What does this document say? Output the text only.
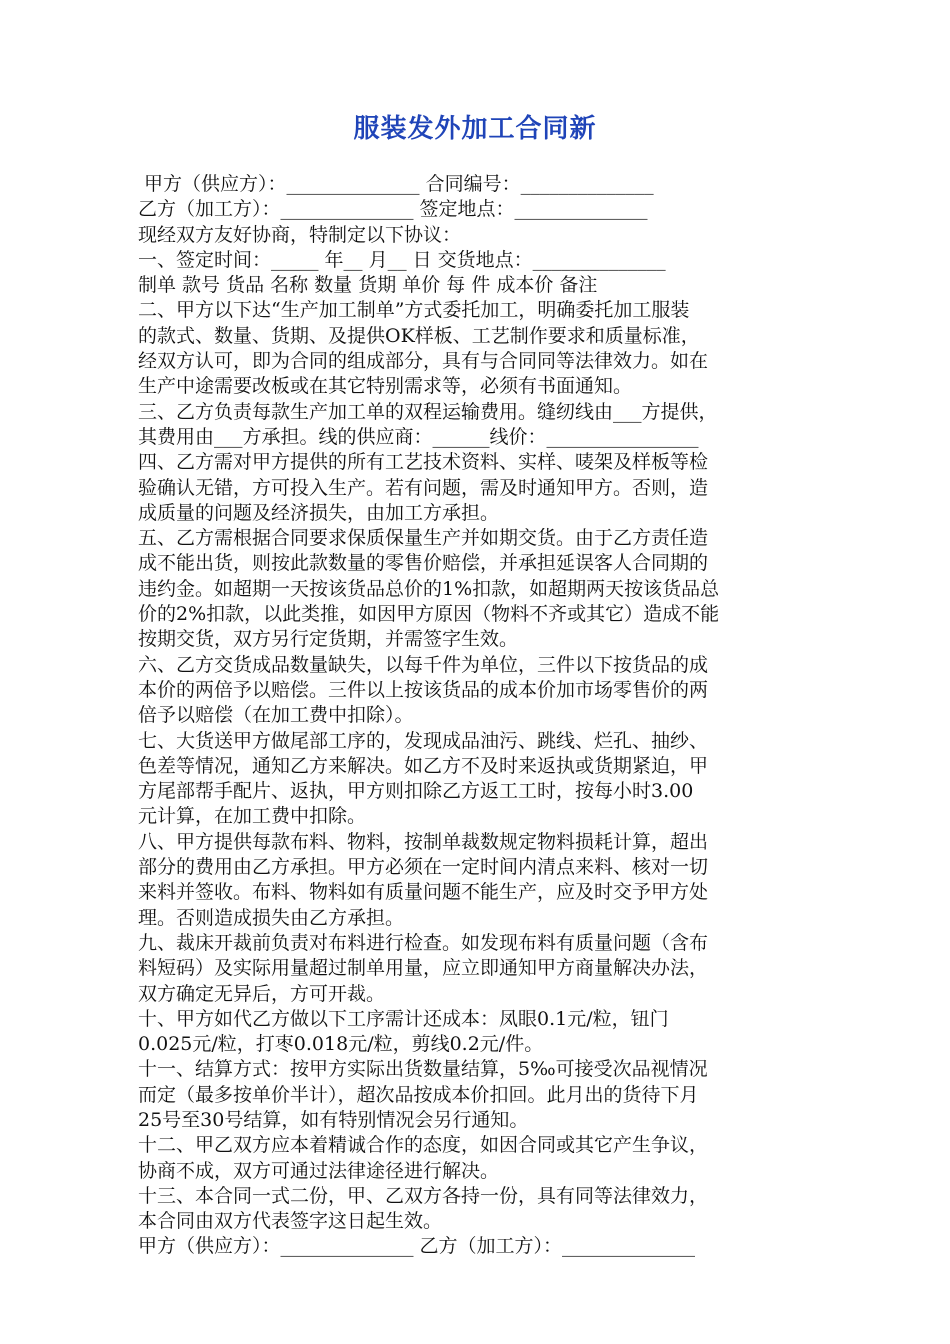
服装发外加工合同新
甲方（供应方）：______________ 合同编号：______________
乙方（加工方）：______________ 签定地点：______________
现经双方友好协商，特制定以下协议：
一、签定时间：_____ 年__ 月__ 日 交货地点：______________
制单 款号 货品 名称 数量 货期 单价 每 件 成本价 备注
二、甲方以下达“生产加工制单”方式委托加工，明确委托加工服装
的款式、数量、货期、及提供OK样板、工艺制作要求和质量标准，
经双方认可，即为合同的组成部分，具有与合同同等法律效力。如在
生产中途需要改板或在其它特别需求等，必须有书面通知。
三、乙方负责每款生产加工单的双程运输费用。缝纫线由___方提供，
其费用由___方承担。线的供应商：______线价：________________
四、乙方需对甲方提供的所有工艺技术资料、实样、唛架及样板等检
验确认无错，方可投入生产。若有问题，需及时通知甲方。否则，造
成质量的问题及经济损失，由加工方承担。
五、乙方需根据合同要求保质保量生产并如期交货。由于乙方责任造
成不能出货，则按此款数量的零售价赔偿，并承担延误客人合同期的
违约金。如超期一天按该货品总价的1%扣款，如超期两天按该货品总
价的2%扣款，以此类推，如因甲方原因（物料不齐或其它）造成不能
按期交货，双方另行定货期，并需签字生效。
六、乙方交货成品数量缺失，以每千件为单位，三件以下按货品的成
本价的两倍予以赔偿。三件以上按该货品的成本价加市场零售价的两
倍予以赔偿（在加工费中扣除）。
七、大货送甲方做尾部工序的，发现成品油污、跳线、烂孔、抽纱、
色差等情况，通知乙方来解决。如乙方不及时来返执或货期紧迫，甲
方尾部帮手配片、返执，甲方则扣除乙方返工工时，按每小时3.00
元计算，在加工费中扣除。
八、甲方提供每款布料、物料，按制单裁数规定物料损耗计算，超出
部分的费用由乙方承担。甲方必须在一定时间内清点来料、核对一切
来料并签收。布料、物料如有质量问题不能生产，应及时交予甲方处
理。否则造成损失由乙方承担。
九、裁床开裁前负责对布料进行检查。如发现布料有质量问题（含布
料短码）及实际用量超过制单用量，应立即通知甲方商量解决办法，
双方确定无异后，方可开裁。
十、甲方如代乙方做以下工序需计还成本：凤眼0.1元/粒，钮门
0.025元/粒，打枣0.018元/粒，剪线0.2元/件。
十一、结算方式：按甲方实际出货数量结算，5‰可接受次品视情况
而定（最多按单价半计），超次品按成本价扣回。此月出的货待下月
25号至30号结算，如有特别情况会另行通知。
十二、甲乙双方应本着精诚合作的态度，如因合同或其它产生争议，
协商不成，双方可通过法律途径进行解决。
十三、本合同一式二份，甲、乙双方各持一份，具有同等法律效力，
本合同由双方代表签字这日起生效。
甲方（供应方）：______________ 乙方（加工方）：______________
